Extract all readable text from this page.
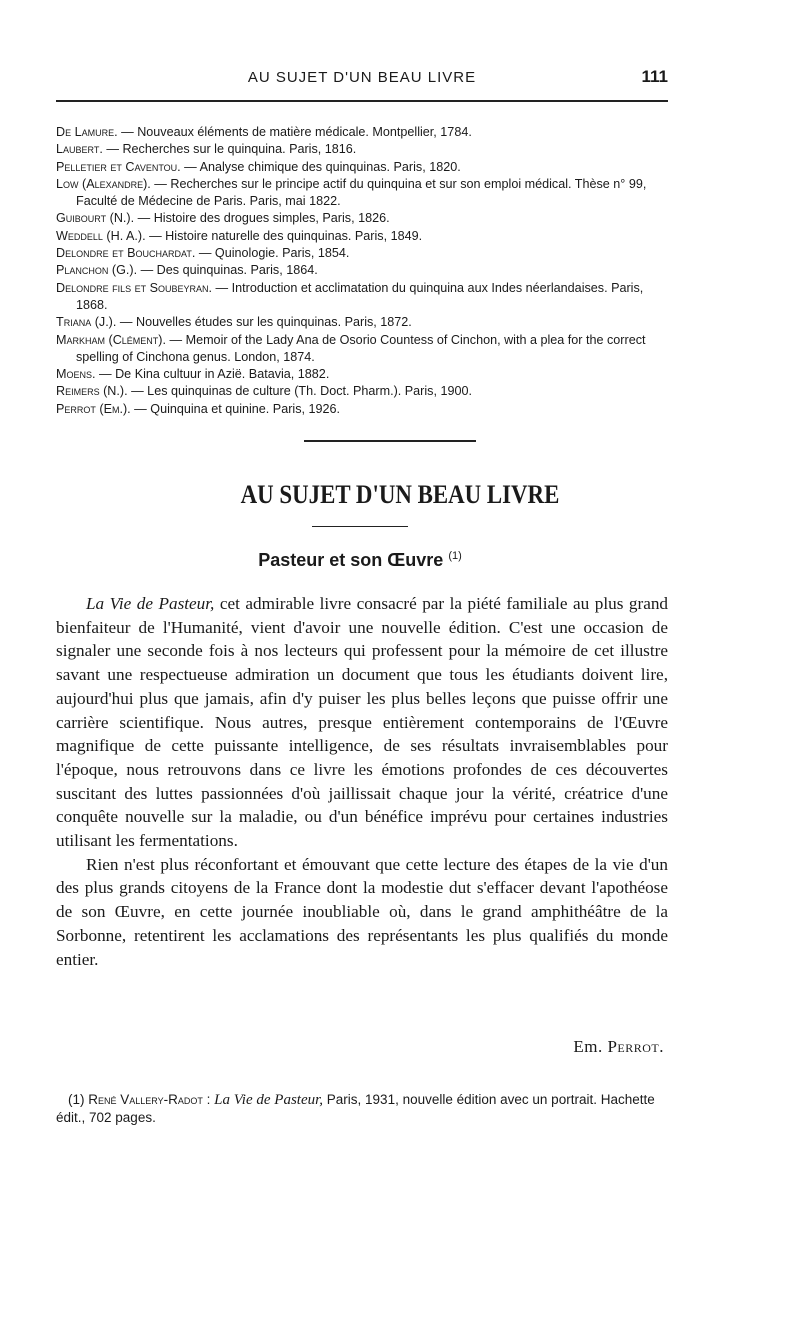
AU SUJET D'UN BEAU LIVRE	111
De Lamure. — Nouveaux éléments de matière médicale. Montpellier, 1784.
Laubert. — Recherches sur le quinquina. Paris, 1816.
Pelletier et Caventou. — Analyse chimique des quinquinas. Paris, 1820.
Low (Alexandre). — Recherches sur le principe actif du quinquina et sur son emploi médical. Thèse n° 99, Faculté de Médecine de Paris. Paris, mai 1822.
Guibourt (N.). — Histoire des drogues simples, Paris, 1826.
Weddell (H. A.). — Histoire naturelle des quinquinas. Paris, 1849.
Delondre et Bouchardat. — Quinologie. Paris, 1854.
Planchon (G.). — Des quinquinas. Paris, 1864.
Delondre fils et Soubeyran. — Introduction et acclimatation du quinquina aux Indes néerlandaises. Paris, 1868.
Triana (J.). — Nouvelles études sur les quinquinas. Paris, 1872.
Markham (Clément). — Memoir of the Lady Ana de Osorio Countess of Cinchon, with a plea for the correct spelling of Cinchona genus. London, 1874.
Moens. — De Kina cultuur in Azië. Batavia, 1882.
Reimers (N.). — Les quinquinas de culture (Th. Doct. Pharm.). Paris, 1900.
Perrot (Em.). — Quinquina et quinine. Paris, 1926.
AU SUJET D'UN BEAU LIVRE
Pasteur et son Œuvre $^{(1)}$

La Vie de Pasteur, cet admirable livre consacré par la piété familiale au plus grand bienfaiteur de l'Humanité, vient d'avoir une nouvelle édition. C'est une occasion de signaler une seconde fois à nos lecteurs qui professent pour la mémoire de cet illustre savant une respectueuse admiration un document que tous les étudiants doivent lire, aujourd'hui plus que jamais, afin d'y puiser les plus belles leçons que puisse offrir une carrière scientifique. Nous autres, presque entièrement contemporains de l'Œuvre magnifique de cette puissante intelligence, de ses résultats invraisemblables pour l'époque, nous retrouvons dans ce livre les émotions profondes de ces découvertes suscitant des luttes passionnées d'où jaillissait chaque jour la vérité, créatrice d'une conquête nouvelle sur la maladie, ou d'un bénéfice imprévu pour certaines industries utilisant les fermentations.

Rien n'est plus réconfortant et émouvant que cette lecture des étapes de la vie d'un des plus grands citoyens de la France dont la modestie dut s'effacer devant l'apothéose de son Œuvre, en cette journée inoubliable où, dans le grand amphithéâtre de la Sorbonne, retentirent les acclamations des représentants les plus qualifiés du monde entier.

Em. Perrot.

(1) René Vallery-Radot : La Vie de Pasteur, Paris, 1931, nouvelle édition avec un portrait. Hachette édit., 702 pages.
